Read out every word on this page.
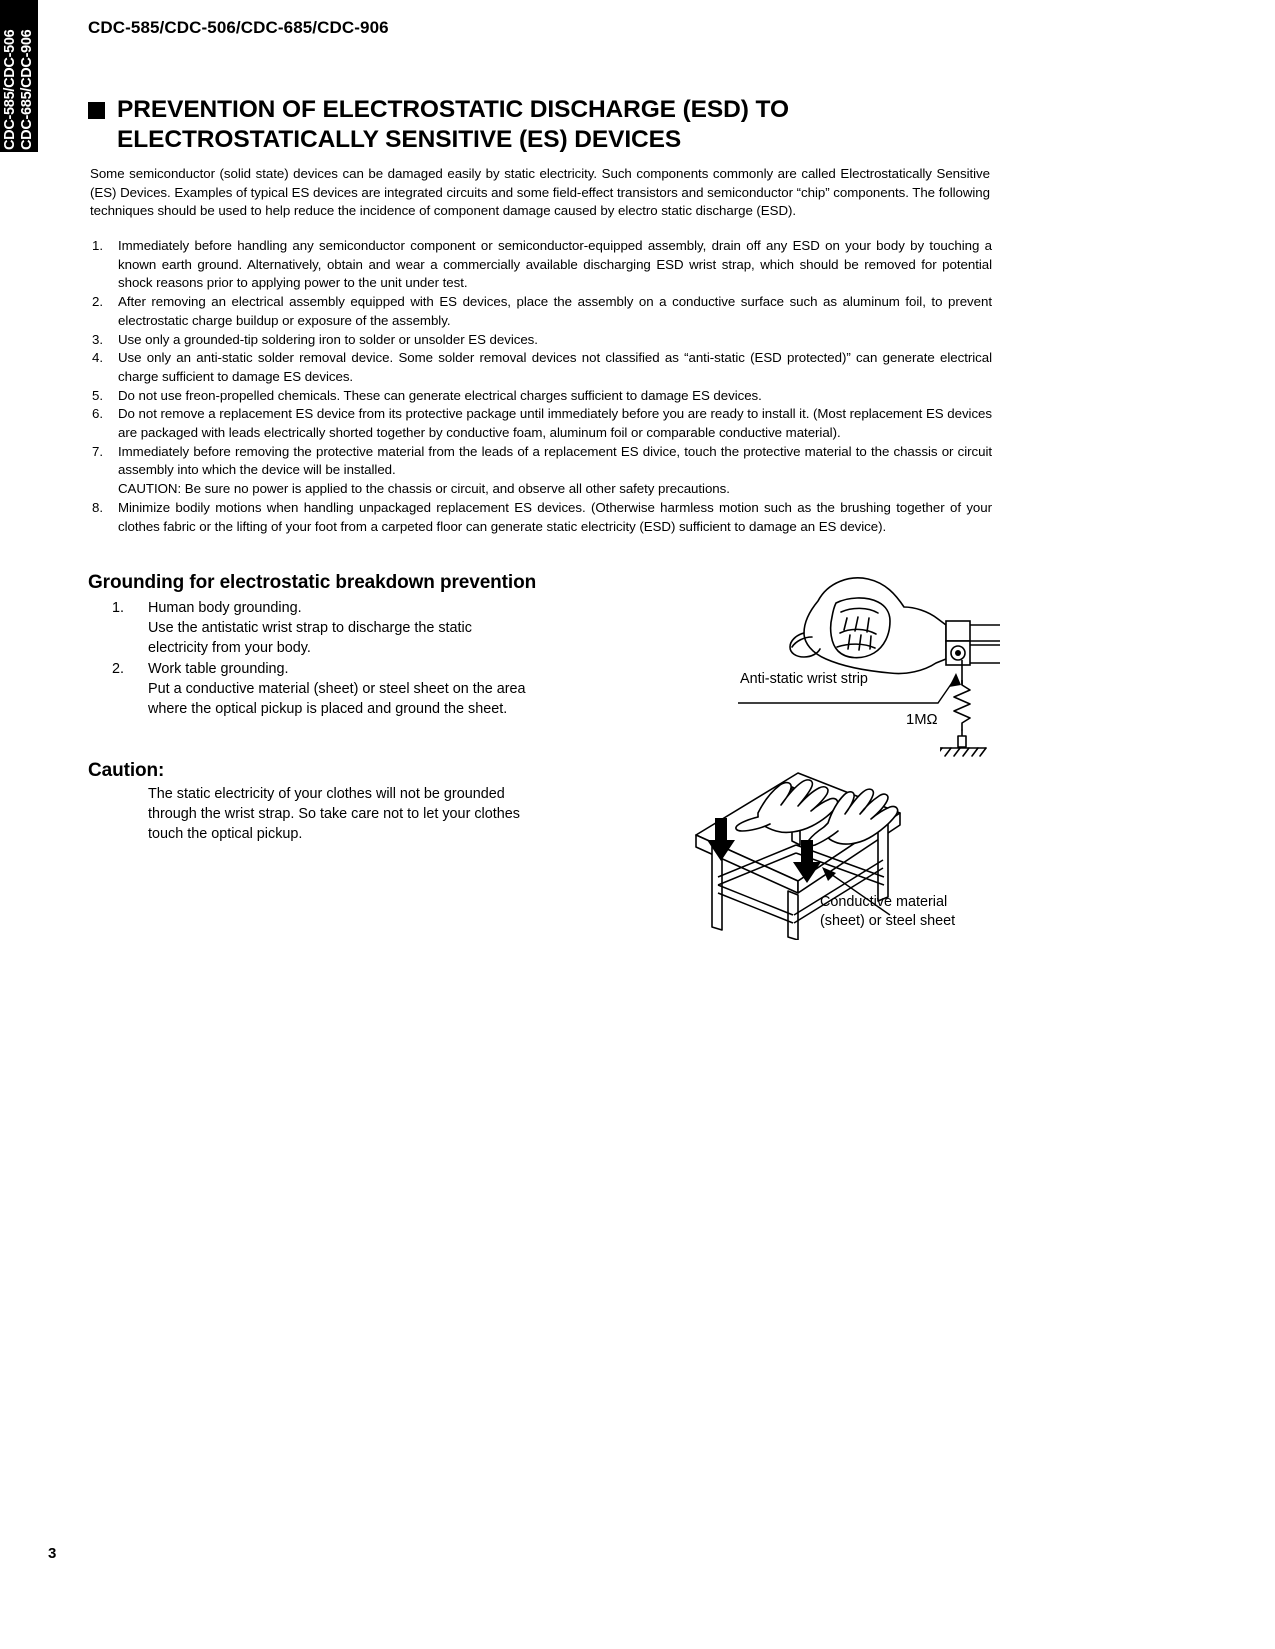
CDC-585/CDC-506 CDC-685/CDC-906
CDC-585/CDC-506/CDC-685/CDC-906
PREVENTION OF ELECTROSTATIC DISCHARGE (ESD) TO ELECTROSTATICALLY SENSITIVE (ES) DEVICES
Some semiconductor (solid state) devices can be damaged easily by static electricity. Such components commonly are called Electrostatically Sensitive (ES) Devices. Examples of typical ES devices are integrated circuits and some field-effect transistors and semiconductor “chip” components. The following techniques should be used to help reduce the incidence of component damage caused by electro static discharge (ESD).
1.	Immediately before handling any semiconductor component or semiconductor-equipped assembly, drain off any ESD on your body by touching a known earth ground. Alternatively, obtain and wear a commercially available discharging ESD wrist strap, which should be removed for potential shock reasons prior to applying power to the unit under test.
2.	After removing an electrical assembly equipped with ES devices, place the assembly on a conductive surface such as aluminum foil, to prevent electrostatic charge buildup or exposure of the assembly.
3.	Use only a grounded-tip soldering iron to solder or unsolder ES devices.
4.	Use only an anti-static solder removal device. Some solder removal devices not classified as “anti-static (ESD protected)” can generate electrical charge sufficient to damage ES devices.
5.	Do not use freon-propelled chemicals. These can generate electrical charges sufficient to damage ES devices.
6.	Do not remove a replacement ES device from its protective package until immediately before you are ready to install it. (Most replacement ES devices are packaged with leads electrically shorted together by conductive foam, aluminum foil or comparable conductive material).
7.	Immediately before removing the protective material from the leads of a replacement ES divice, touch the protective material to the chassis or circuit assembly into which the device will be installed.
CAUTION: Be sure no power is applied to the chassis or circuit, and observe all other safety precautions.
8.	Minimize bodily motions when handling unpackaged replacement ES devices. (Otherwise harmless motion such as the brushing together of your clothes fabric or the lifting of your foot from a carpeted floor can generate static electricity (ESD) sufficient to damage an ES device).
Grounding for electrostatic breakdown prevention
1.	Human body grounding.
Use the antistatic wrist strap to discharge the static
electricity from your body.
2.	Work table grounding.
Put a conductive material (sheet) or steel sheet on the area
where the optical pickup is placed and ground the sheet.
Caution:
The static electricity of your clothes will not be grounded
through the wrist strap. So take care not to let your clothes
touch the optical pickup.
Anti-static wrist strip
1MΩ
Conductive material
(sheet) or steel sheet
3
